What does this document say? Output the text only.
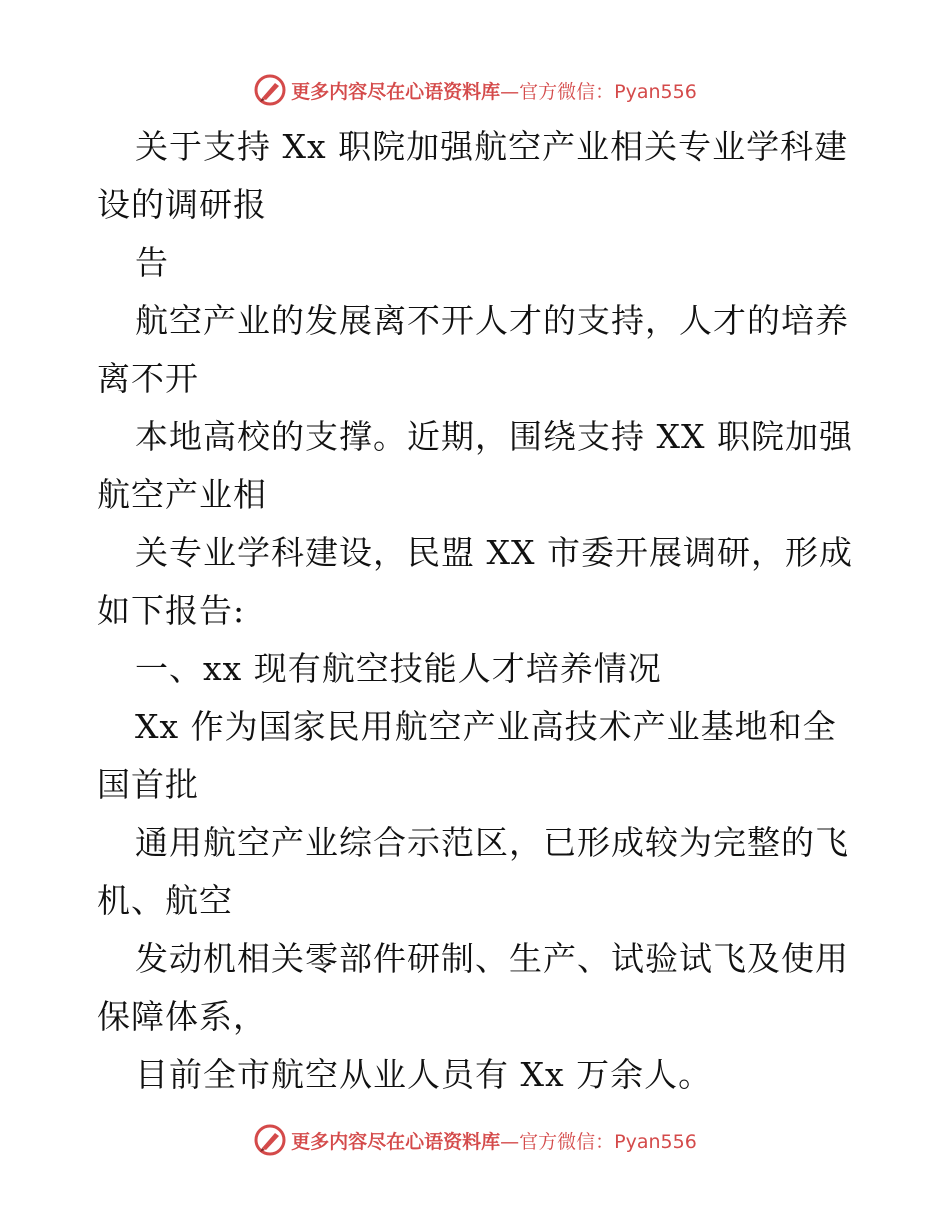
更多内容尽在心语资料库—官方微信：Pyan556
关于支持 Xx 职院加强航空产业相关专业学科建
设的调研报
告
航空产业的发展离不开人才的支持，人才的培养
离不开
本地高校的支撑。近期，围绕支持 XX 职院加强
航空产业相
关专业学科建设，民盟 XX 市委开展调研，形成
如下报告:
一、xx 现有航空技能人才培养情况
Xx 作为国家民用航空产业高技术产业基地和全
国首批
通用航空产业综合示范区，已形成较为完整的飞
机、航空
发动机相关零部件研制、生产、试验试飞及使用
保障体系，
目前全市航空从业人员有 Xx 万余人。
更多内容尽在心语资料库—官方微信：Pyan556
